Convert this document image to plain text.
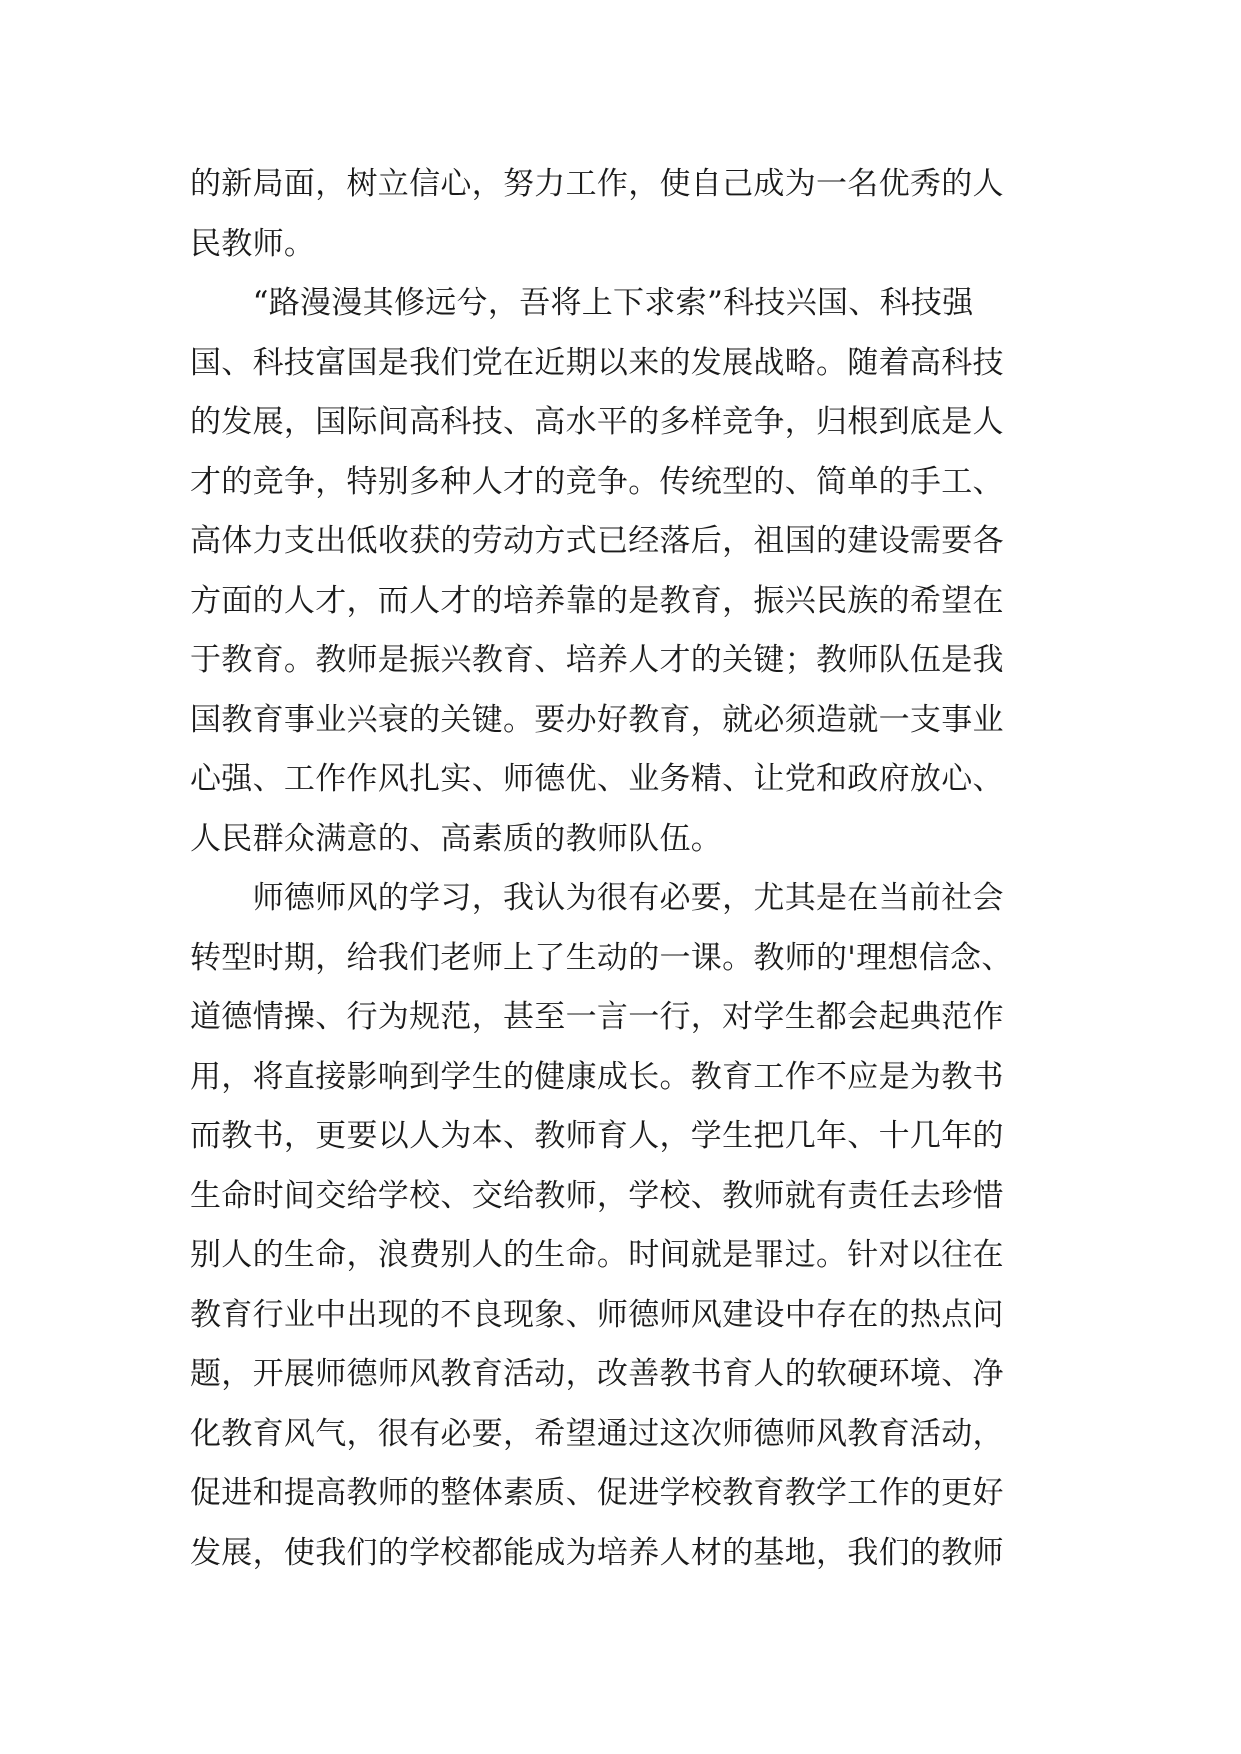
的新局面，树立信心，努力工作，使自己成为一名优秀的人
民教师。
　　“路漫漫其修远兮，吾将上下求索”科技兴国、科技强
国、科技富国是我们党在近期以来的发展战略。随着高科技
的发展，国际间高科技、高水平的多样竞争，归根到底是人
才的竞争，特别多种人才的竞争。传统型的、简单的手工、
高体力支出低收获的劳动方式已经落后，祖国的建设需要各
方面的人才，而人才的培养靠的是教育，振兴民族的希望在
于教育。教师是振兴教育、培养人才的关键；教师队伍是我
国教育事业兴衰的关键。要办好教育，就必须造就一支事业
心强、工作作风扎实、师德优、业务精、让党和政府放心、
人民群众满意的、高素质的教师队伍。
　　师德师风的学习，我认为很有必要，尤其是在当前社会
转型时期，给我们老师上了生动的一课。教师的'理想信念、
道德情操、行为规范，甚至一言一行，对学生都会起典范作
用，将直接影响到学生的健康成长。教育工作不应是为教书
而教书，更要以人为本、教师育人，学生把几年、十几年的
生命时间交给学校、交给教师，学校、教师就有责任去珍惜
别人的生命，浪费别人的生命。时间就是罪过。针对以往在
教育行业中出现的不良现象、师德师风建设中存在的热点问
题，开展师德师风教育活动，改善教书育人的软硬环境、净
化教育风气，很有必要，希望通过这次师德师风教育活动，
促进和提高教师的整体素质、促进学校教育教学工作的更好
发展，使我们的学校都能成为培养人材的基地，我们的教师
